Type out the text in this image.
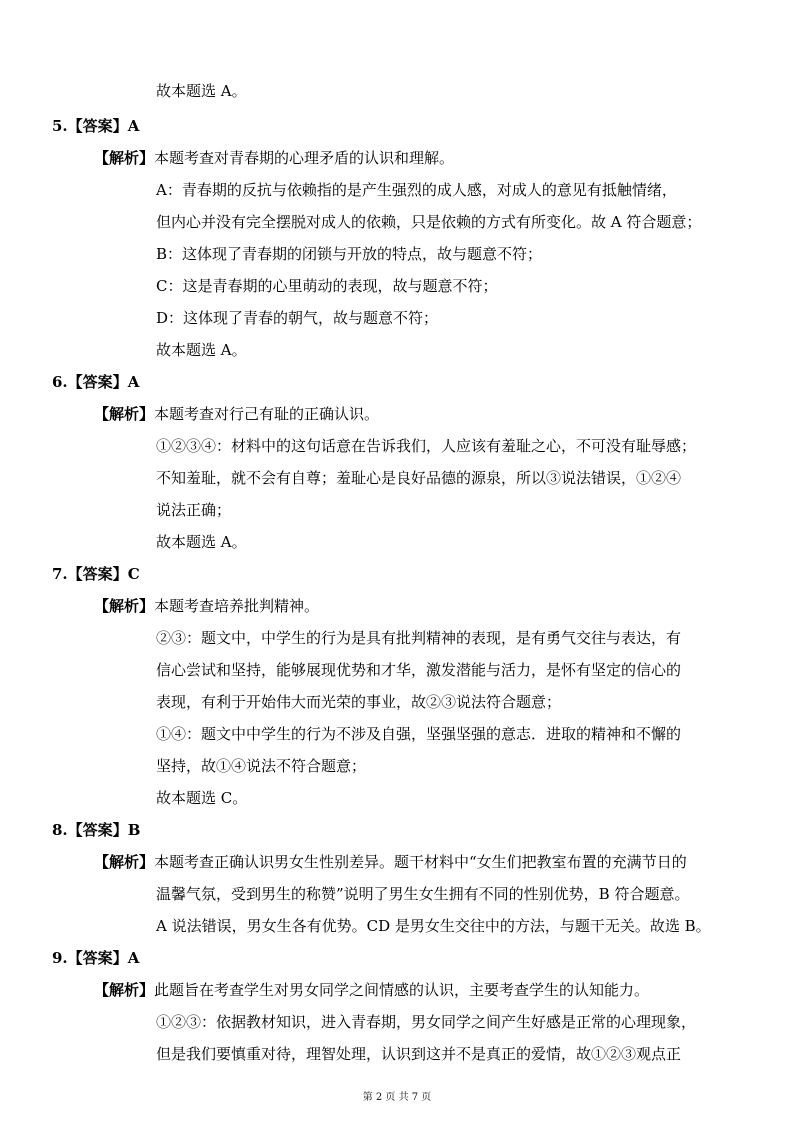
故本题选 A。
5.【答案】A
【解析】本题考查对青春期的心理矛盾的认识和理解。
A：青春期的反抗与依赖指的是产生强烈的成人感，对成人的意见有抵触情绪，
但内心并没有完全摆脱对成人的依赖，只是依赖的方式有所变化。故 A 符合题意；
B：这体现了青春期的闭锁与开放的特点，故与题意不符；
C：这是青春期的心里萌动的表现，故与题意不符；
D：这体现了青春的朝气，故与题意不符；
故本题选 A。
6.【答案】A
【解析】本题考查对行己有耻的正确认识。
①②③④：材料中的这句话意在告诉我们，人应该有羞耻之心，不可没有耻辱感；
不知羞耻，就不会有自尊；羞耻心是良好品德的源泉，所以③说法错误，①②④
说法正确；
故本题选 A。
7.【答案】C
【解析】本题考查培养批判精神。
②③：题文中，中学生的行为是具有批判精神的表现，是有勇气交往与表达，有
信心尝试和坚持，能够展现优势和才华，激发潜能与活力，是怀有坚定的信心的
表现，有利于开始伟大而光荣的事业，故②③说法符合题意；
①④：题文中中学生的行为不涉及自强，坚强坚强的意志．进取的精神和不懈的
坚持，故①④说法不符合题意；
故本题选 C。
8.【答案】B
【解析】本题考查正确认识男女生性别差异。题干材料中“女生们把教室布置的充满节日的
温馨气氛，受到男生的称赞”说明了男生女生拥有不同的性别优势，B 符合题意。
A 说法错误，男女生各有优势。CD 是男女生交往中的方法，与题干无关。故选 B。
9.【答案】A
【解析】此题旨在考查学生对男女同学之间情感的认识，主要考查学生的认知能力。
①②③：依据教材知识，进入青春期，男女同学之间产生好感是正常的心理现象，
但是我们要慎重对待，理智处理，认识到这并不是真正的爱情，故①②③观点正
第 2 页 共 7 页
